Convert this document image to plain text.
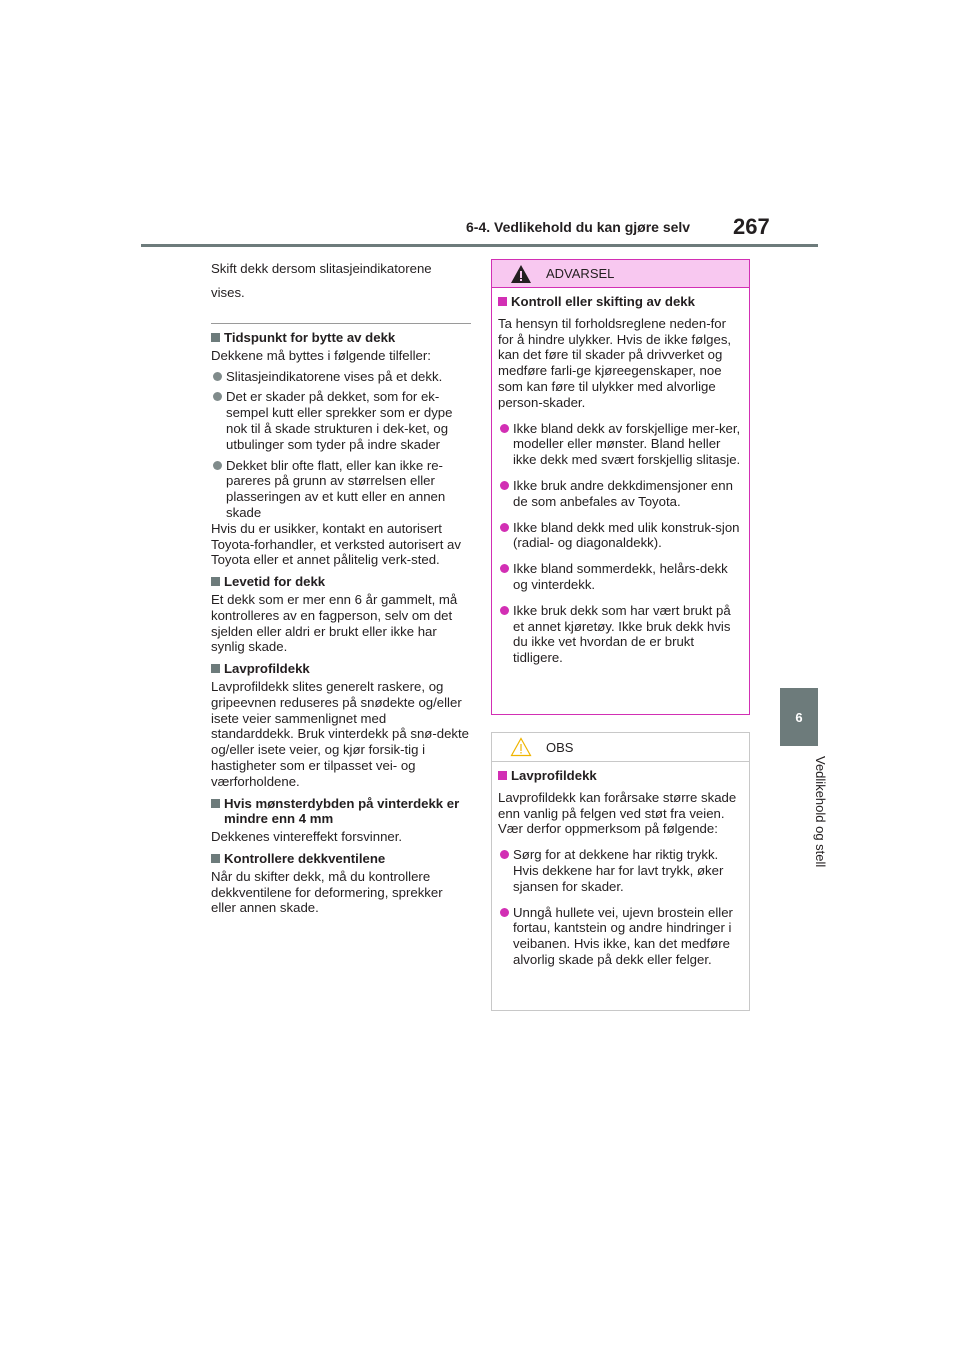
6-4. Vedlikehold du kan gjøre selv 267
6
Vedlikehold og stell

Skift dekk dersom slitasjeindikatorene

vises.

Tidspunkt for bytte av dekk

Dekkene må byttes i følgende tilfeller:

Slitasjeindikatorene vises på et dekk.
Det er skader på dekket, som for ek-sempel kutt eller sprekker som er dype nok til å skade strukturen i dek-ket, og utbulinger som tyder på indre skader
Dekket blir ofte flatt, eller kan ikke re-pareres på grunn av størrelsen eller plasseringen av et kutt eller en annen skade

Hvis du er usikker, kontakt en autorisert Toyota-forhandler, et verksted autorisert av Toyota eller et annet pålitelig verk-sted.

Levetid for dekk

Et dekk som er mer enn 6 år gammelt, må kontrolleres av en fagperson, selv om det sjelden eller aldri er brukt eller ikke har synlig skade.

Lavprofildekk

Lavprofildekk slites generelt raskere, og gripeevnen reduseres på snødekte og/eller isete veier sammenlignet med standarddekk. Bruk vinterdekk på snø-dekte og/eller isete veier, og kjør forsik-tig i hastigheter som er tilpasset vei- og værforholdene.

Hvis mønsterdybden på vinterdekk er mindre enn 4 mm

Dekkenes vintereffekt forsvinner.

Kontrollere dekkventilene

Når du skifter dekk, må du kontrollere dekkventilene for deformering, sprekker eller annen skade.

ADVARSEL
Kontroll eller skifting av dekk

Ta hensyn til forholdsreglene neden-for for å hindre ulykker. Hvis de ikke følges, kan det føre til skader på drivverket og medføre farli-ge kjøreegenskaper, noe som kan føre til ulykker med alvorlige person-skader.

Ikke bland dekk av forskjellige mer-ker, modeller eller mønster. Bland heller ikke dekk med svært forskjellig slitasje.
Ikke bruk andre dekkdimensjoner enn de som anbefales av Toyota.
Ikke bland dekk med ulik konstruk-sjon (radial- og diagonaldekk).
Ikke bland sommerdekk, helårs-dekk og vinterdekk.
Ikke bruk dekk som har vært brukt på et annet kjøretøy. Ikke bruk dekk hvis du ikke vet hvordan de er brukt tidligere.
OBS
Lavprofildekk

Lavprofildekk kan forårsake større skade enn vanlig på felgen ved støt fra veien. Vær derfor oppmerksom på følgende:

Sørg for at dekkene har riktig trykk. Hvis dekkene har for lavt trykk, øker sjansen for skader.
Unngå hullete vei, ujevn brostein eller fortau, kantstein og andre hindringer i veibanen. Hvis ikke, kan det medføre alvorlig skade på dekk eller felger.
